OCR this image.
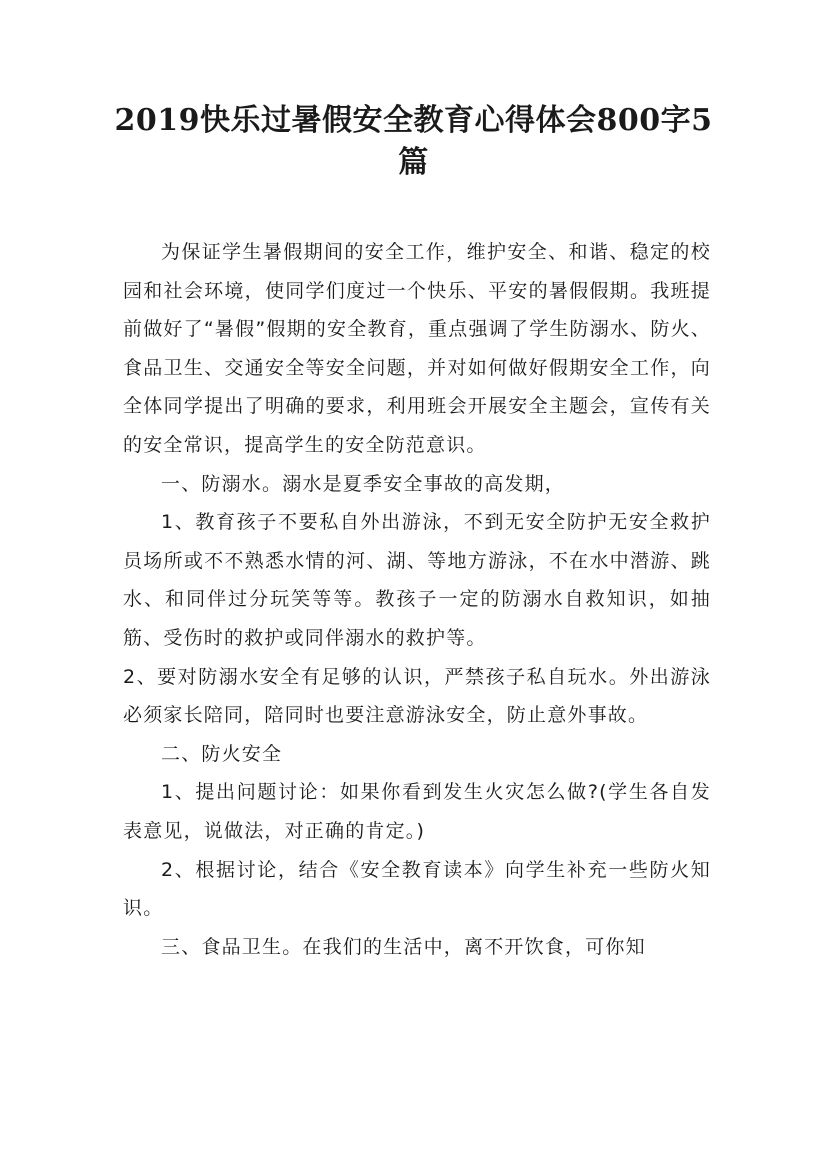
2019快乐过暑假安全教育心得体会800字5篇

为保证学生暑假期间的安全工作，维护安全、和谐、稳定的校园和社会环境，使同学们度过一个快乐、平安的暑假假期。我班提前做好了“暑假”假期的安全教育，重点强调了学生防溺水、防火、食品卫生、交通安全等安全问题，并对如何做好假期安全工作，向全体同学提出了明确的要求，利用班会开展安全主题会，宣传有关的安全常识，提高学生的安全防范意识。

一、防溺水。溺水是夏季安全事故的高发期，

1、教育孩子不要私自外出游泳，不到无安全防护无安全救护员场所或不不熟悉水情的河、湖、等地方游泳，不在水中潜游、跳水、和同伴过分玩笑等等。教孩子一定的防溺水自救知识，如抽筋、受伤时的救护或同伴溺水的救护等。

2、要对防溺水安全有足够的认识，严禁孩子私自玩水。外出游泳必须家长陪同，陪同时也要注意游泳安全，防止意外事故。

二、防火安全

1、提出问题讨论：如果你看到发生火灾怎么做?(学生各自发表意见，说做法，对正确的肯定。)

2、根据讨论，结合《安全教育读本》向学生补充一些防火知识。

三、食品卫生。在我们的生活中，离不开饮食，可你知
